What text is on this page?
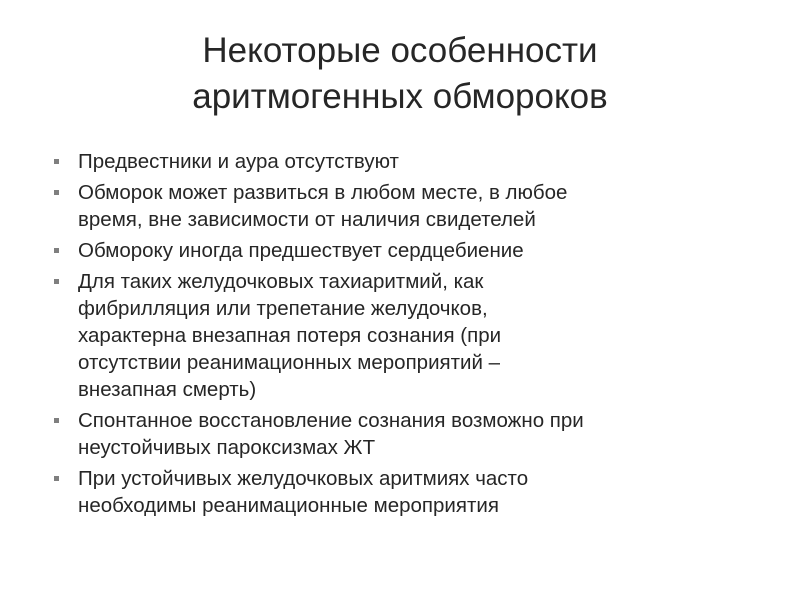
Некоторые особенности
аритмогенных обмороков
Предвестники и аура отсутствуют
Обморок может развиться в любом месте, в любое
время, вне зависимости от наличия свидетелей
Обмороку иногда предшествует сердцебиение
Для таких желудочковых тахиаритмий, как
фибрилляция или трепетание желудочков,
характерна внезапная потеря сознания (при
отсутствии реанимационных мероприятий –
внезапная смерть)
Спонтанное восстановление сознания возможно при
неустойчивых пароксизмах ЖТ
При устойчивых желудочковых аритмиях часто
необходимы реанимационные мероприятия
